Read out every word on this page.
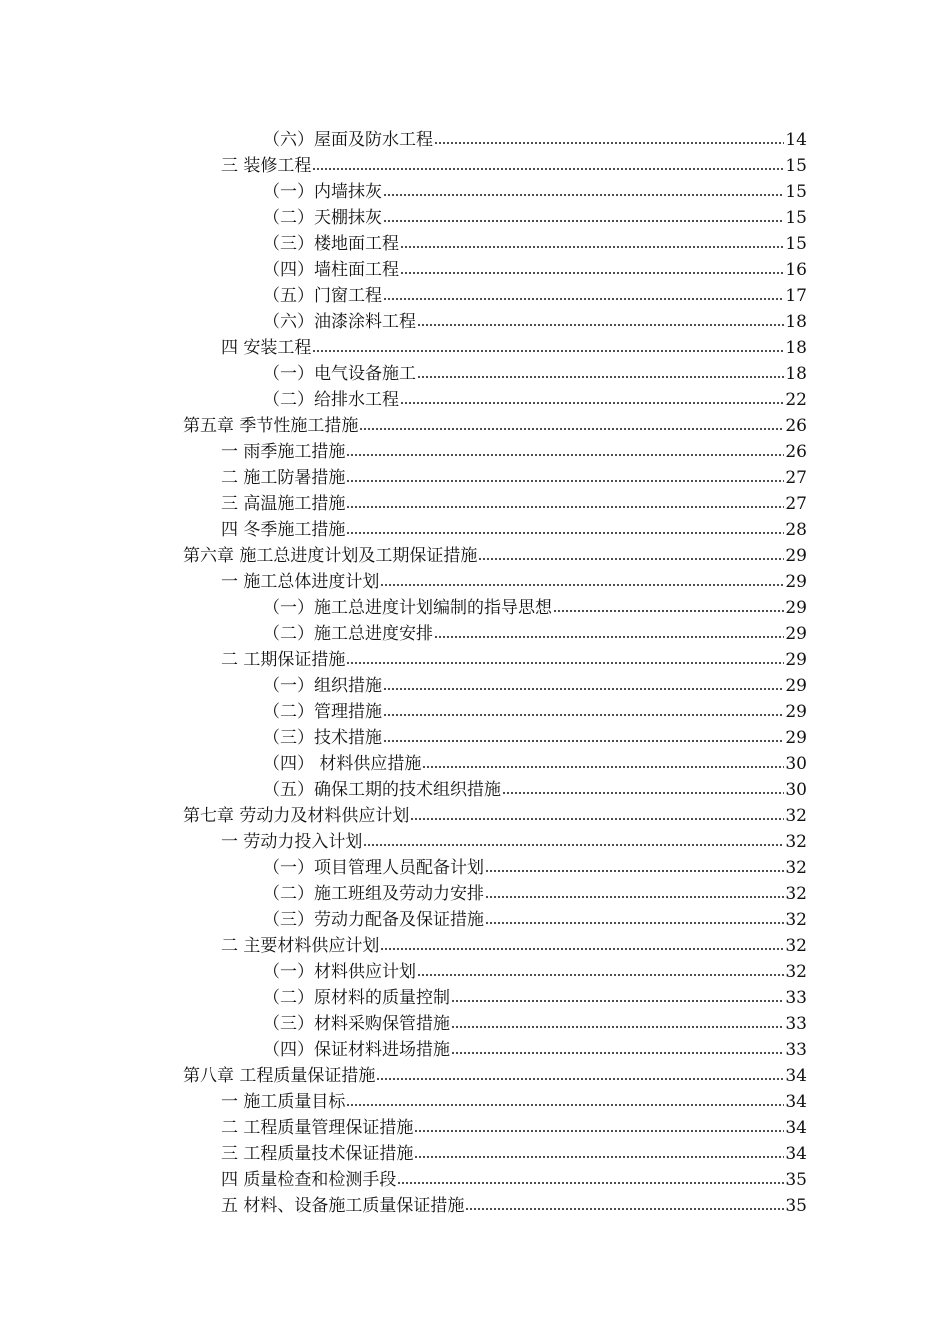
（六）屋面及防水工程	14
三 装修工程	15
（一）内墙抹灰	15
（二）天棚抹灰	15
（三）楼地面工程	15
（四）墙柱面工程	16
（五）门窗工程	17
（六）油漆涂料工程	18
四 安装工程	18
（一）电气设备施工	18
（二）给排水工程	22
第五章 季节性施工措施	26
一 雨季施工措施	26
二 施工防暑措施	27
三 高温施工措施	27
四 冬季施工措施	28
第六章 施工总进度计划及工期保证措施	29
一 施工总体进度计划	29
（一）施工总进度计划编制的指导思想	29
（二）施工总进度安排	29
二 工期保证措施	29
（一）组织措施	29
（二）管理措施	29
（三）技术措施	29
（四） 材料供应措施	30
（五）确保工期的技术组织措施	30
第七章 劳动力及材料供应计划	32
一 劳动力投入计划	32
（一）项目管理人员配备计划	32
（二）施工班组及劳动力安排	32
（三）劳动力配备及保证措施	32
二 主要材料供应计划	32
（一）材料供应计划	32
（二）原材料的质量控制	33
（三）材料采购保管措施	33
（四）保证材料进场措施	33
第八章 工程质量保证措施	34
一 施工质量目标	34
二 工程质量管理保证措施	34
三 工程质量技术保证措施	34
四 质量检查和检测手段	35
五 材料、设备施工质量保证措施	35
